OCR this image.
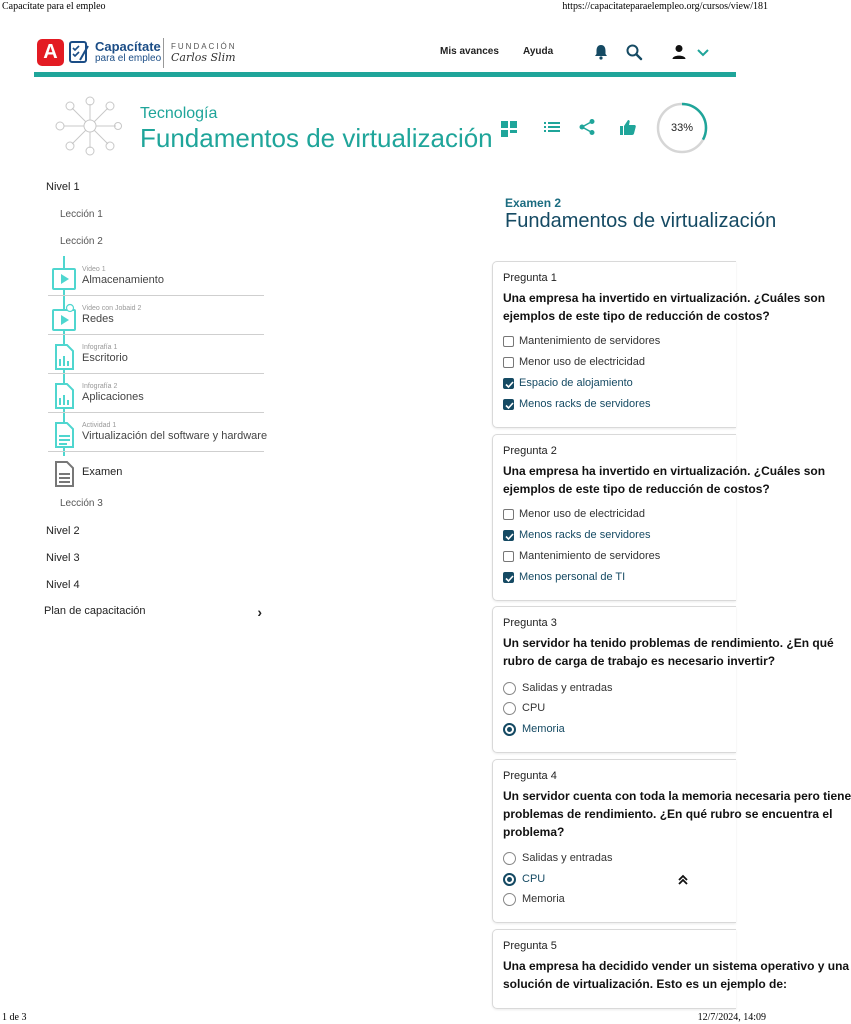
Capacítate para el empleo	https://capacitateparaelempleo.org/cursos/view/181
A	Capacítate
para el empleo
FUNDACIÓN
Carlos Slim	Mis avances Ayuda
Tecnología
Fundamentos de virtualización	33%
Nivel 1
Lección 1
Lección 2
Video 1
Almacenamiento
Video con Jobaid 2
Redes
Infografía 1
Escritorio
Infografía 2
Aplicaciones
Actividad 1
Virtualización del software y hardware
Examen
Lección 3
Nivel 2
Nivel 3
Nivel 4
Plan de capacitación	›
Examen 2
Fundamentos de virtualización
Pregunta 1
Una empresa ha invertido en virtualización. ¿Cuáles son
ejemplos de este tipo de reducción de costos?
Mantenimiento de servidores
Menor uso de electricidad
Espacio de alojamiento
Menos racks de servidores
Pregunta 2
Una empresa ha invertido en virtualización. ¿Cuáles son
ejemplos de este tipo de reducción de costos?
Menor uso de electricidad
Menos racks de servidores
Mantenimiento de servidores
Menos personal de TI
Pregunta 3
Un servidor ha tenido problemas de rendimiento. ¿En qué
rubro de carga de trabajo es necesario invertir?
Salidas y entradas
CPU
Memoria
Pregunta 4
Un servidor cuenta con toda la memoria necesaria pero tiene
problemas de rendimiento. ¿En qué rubro se encuentra el
problema?
Salidas y entradas
CPU
Memoria
Pregunta 5
Una empresa ha decidido vender un sistema operativo y una
solución de virtualización. Esto es un ejemplo de:
1 de 3	12/7/2024, 14:09
